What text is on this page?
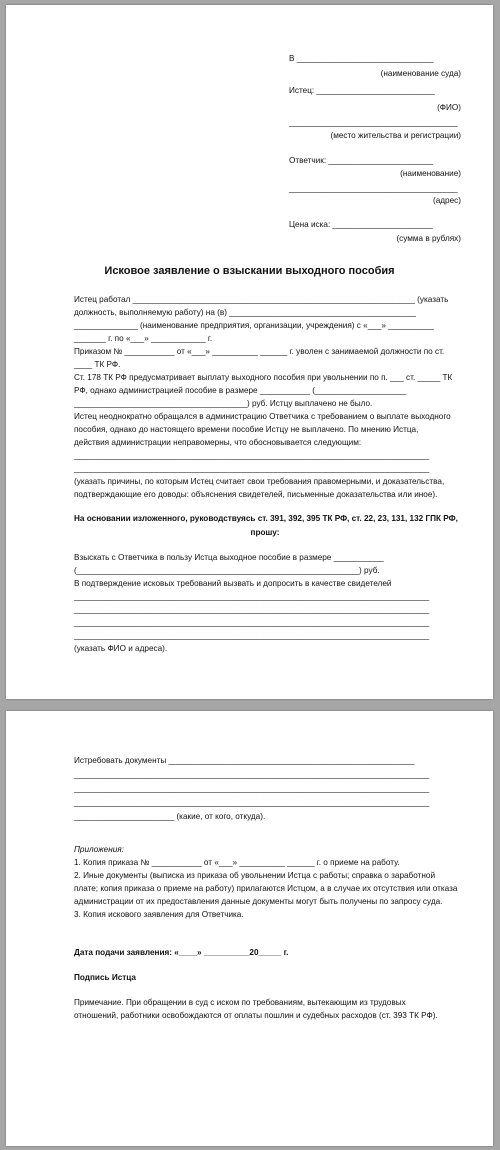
В ______________________________
(наименование суда)
Истец: __________________________
(ФИО)
_____________________________________
(место жительства и регистрации)
Ответчик: _______________________
(наименование)
_____________________________________
(адрес)
Цена иска: ______________________
(сумма в рублях)
Исковое заявление о взыскании выходного пособия
Истец работал ______________________________________________________________ (указать
должность, выполняемую работу) на (в) _________________________________________
______________ (наименование предприятия, организации, учреждения) с «___» __________
_______ г. по «___» ____________ г.
Приказом № ___________ от «___» __________ ______ г. уволен с занимаемой должности по ст.
____ ТК РФ.
Ст. 178 ТК РФ предусматривает выплату выходного пособия при увольнении по п. ___ ст. _____ ТК
РФ, однако администрацией пособие в размере ___________ (____________________
______________________________________) руб. Истцу выплачено не было.
Истец неоднократно обращался в администрацию Ответчика с требованием о выплате выходного
пособия, однако до настоящего времени пособие Истцу не выплачено. По мнению Истца,
действия администрации неправомерны, что обосновывается следующим:
______________________________________________________________________________
______________________________________________________________________________
(указать причины, по которым Истец считает свои требования правомерными, и доказательства,
подтверждающие его доводы: объяснения свидетелей, письменные доказательства или иное).
На основании изложенного, руководствуясь ст. 391, 392, 395 ТК РФ, ст. 22, 23, 131, 132 ГПК РФ,
прошу:
Взыскать с Ответчика в пользу Истца выходное пособие в размере ___________
(______________________________________________________________) руб.
В подтверждение исковых требований вызвать и допросить в качестве свидетелей
______________________________________________________________________________
______________________________________________________________________________
______________________________________________________________________________
______________________________________________________________________________
(указать ФИО и адреса).
Истребовать документы ______________________________________________________
______________________________________________________________________________
______________________________________________________________________________
______________________________________________________________________________
______________________ (какие, от кого, откуда).
Приложения:
1. Копия приказа № ___________ от «___» __________ ______ г. о приеме на работу.
2. Иные документы (выписка из приказа об увольнении Истца с работы; справка о заработной
плате; копия приказа о приеме на работу) прилагаются Истцом, а в случае их отсутствия или отказа
администрации от их предоставления данные документы могут быть получены по запросу суда.
3. Копия искового заявления для Ответчика.
Дата подачи заявления: «____» __________20_____ г.
Подпись Истца
Примечание. При обращении в суд с иском по требованиям, вытекающим из трудовых
отношений, работники освобождаются от оплаты пошлин и судебных расходов (ст. 393 ТК РФ).
